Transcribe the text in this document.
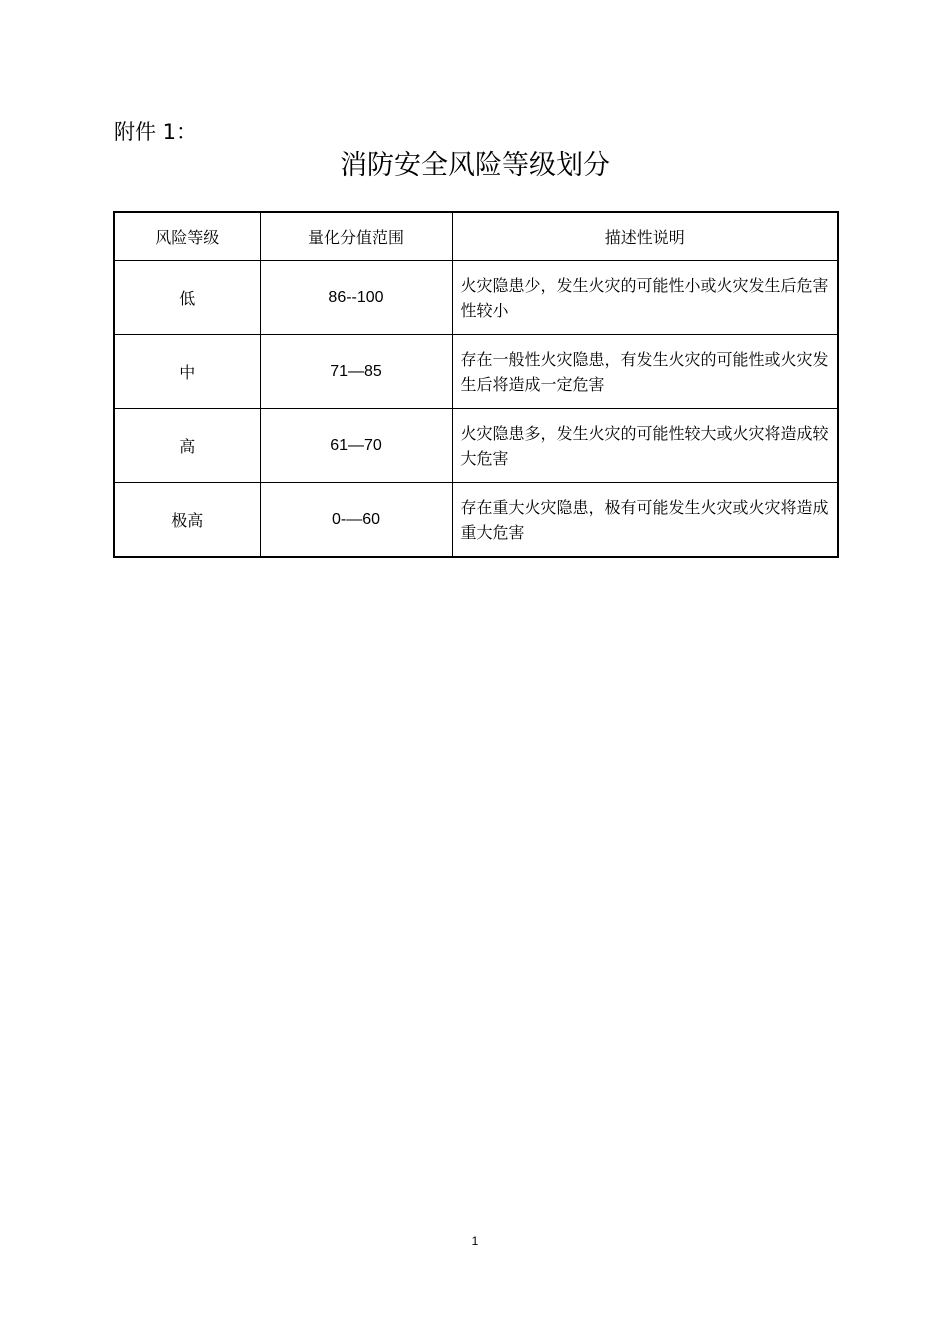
附件 1：
消防安全风险等级划分
风险等级	量化分值范围	描述性说明
低	86--100	火灾隐患少，发生火灾的可能性小或火灾发生后危害性较小
中	71—85	存在一般性火灾隐患，有发生火灾的可能性或火灾发生后将造成一定危害
高	61—70	火灾隐患多，发生火灾的可能性较大或火灾将造成较大危害
极高	0-—60	存在重大火灾隐患，极有可能发生火灾或火灾将造成重大危害
1
